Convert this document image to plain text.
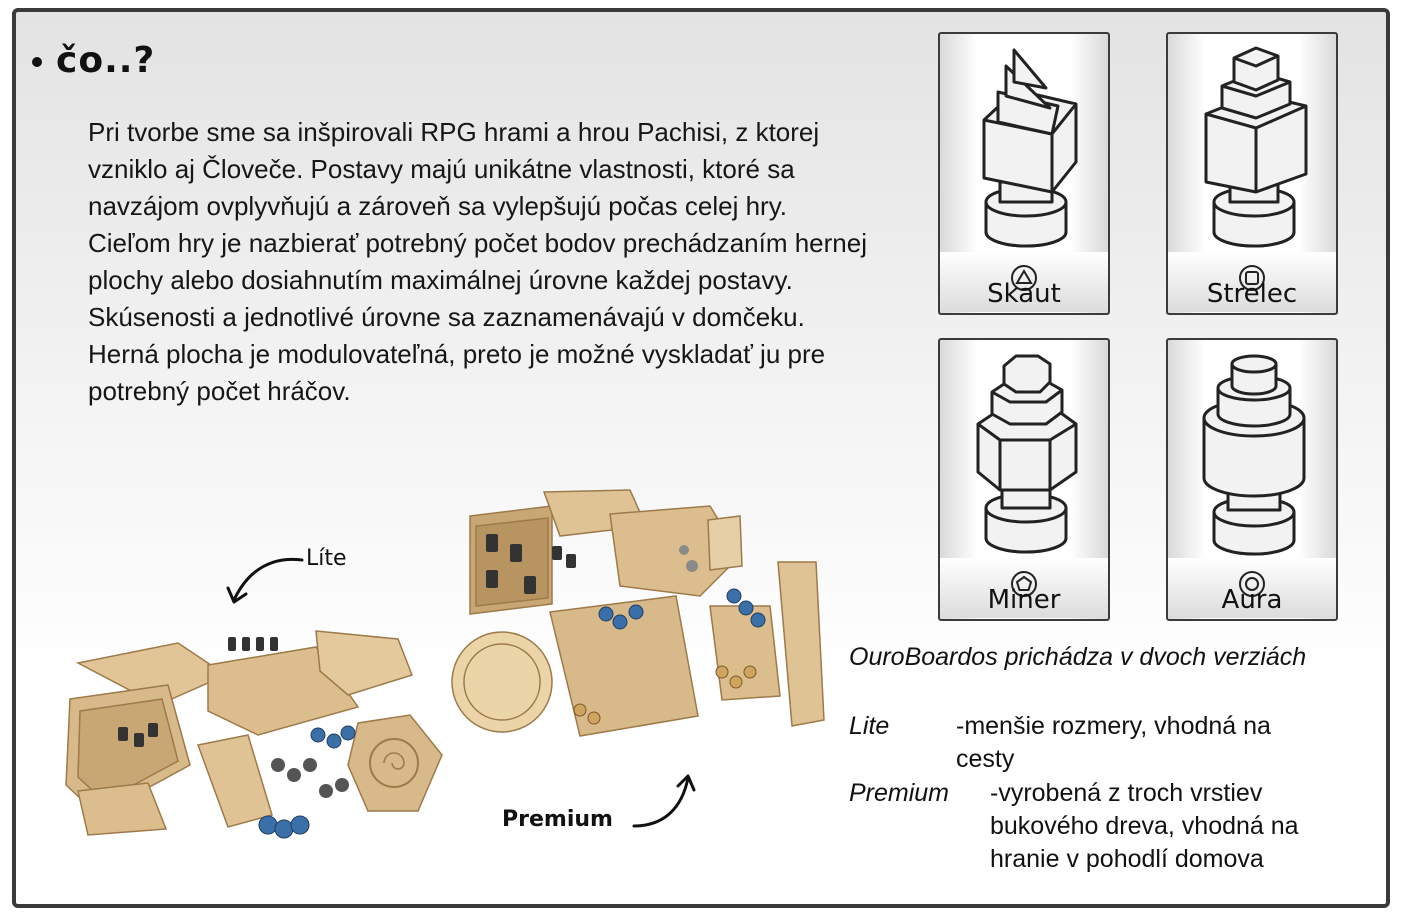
čo..?
Pri tvorbe sme sa inšpirovali RPG hrami a hrou Pachisi, z ktorej vzniklo aj Človeče. Postavy majú unikátne vlastnosti, ktoré sa navzájom ovplyvňujú a zároveň sa vylepšujú počas celej hry. Cieľom hry je nazbierať potrebný počet bodov prechádzaním hernej plochy alebo dosiahnutím maximálnej úrovne každej postavy. Skúsenosti a jednotlivé úrovne sa zaznamenávajú v domčeku. Herná plocha je modulovateľná, preto je možné vyskladať ju pre potrebný počet hráčov.
Skaut	Strelec
Miner	Aura
Líte
Premium
OuroBoardos prichádza v dvoch verziách
Lite	-menšie rozmery, vhodná na cesty
Premium -vyrobená z troch vrstiev bukového dreva, vhodná na hranie v pohodlí domova
